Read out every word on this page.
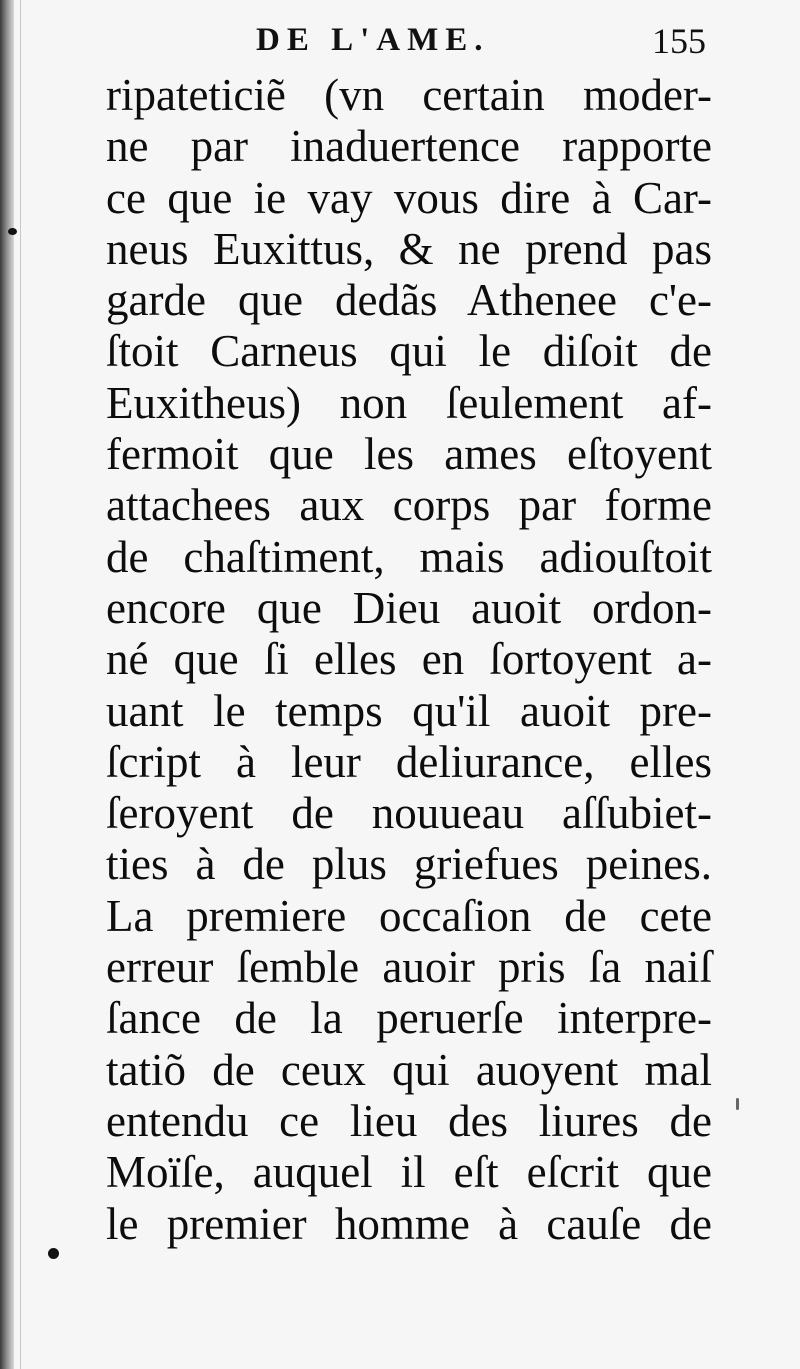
DE L'AME.	155
ripateticiẽ (vn certain moder-
ne par inaduertence rapporte
ce que ie vay vous dire à Car-
neus Euxittus, & ne prend pas
garde que dedãs Athenee c'e-
ſtoit Carneus qui le diſoit de
Euxitheus) non ſeulement af-
fermoit que les ames eſtoyent
attachees aux corps par forme
de chaſtiment, mais adiouſtoit
encore que Dieu auoit ordon-
né que ſi elles en ſortoyent a-
uant le temps qu'il auoit pre-
ſcript à leur deliurance, elles
ſeroyent de nouueau aſſubiet-
ties à de plus griefues peines.
La premiere occaſion de cete
erreur ſemble auoir pris ſa naiſ
ſance de la peruerſe interpre-
tatiõ de ceux qui auoyent mal
entendu ce lieu des liures de
Moïſe, auquel il eſt eſcrit que
le premier homme à cauſe de
